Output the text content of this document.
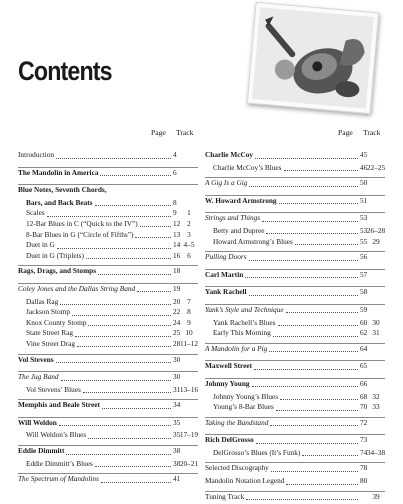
Contents
Page Track	Page Track
Introduction	4
The Mandolin in America	6
Blue Notes, Seventh Chords,
Bars, and Back Beats	8
Scales	9	1
12-Bar Blues in C (“Quick to the IV”)	12 2
8-Bar Blues in G (“Circle of Fifths”)	13 3
Duet in G	14 4–5
Duet in G (Triplets)	16 6
Rags, Drags, and Stomps	18
Coley Jones and the Dallas String Band	19
Dallas Rag	20 7
Jackson Stomp	22 8
Knox County Stomp	24 9
State Street Rag	25 10
Vine Street Drag	28 11–12
Vol Stevens	30
The Jug Band	30
Vol Stevens’ Blues	31 13–16
Memphis and Beale Street	34
Will Weldon	35
Will Weldon’s Blues	35 17–19
Eddie Dimmitt	38
Eddie Dimmitt’s Blues	38 20–21
The Spectrum of Mandolins	41
Charlie McCoy	45
Charlie McCoy’s Blues	46 22–25
A Gig Is a Gig	50
W. Howard Armstrong	51
Strings and Things	53
Betty and Dupree	53 26–28
Howard Armstrong’s Blues	55 29
Pulling Doors	56
Carl Martin	57
Yank Rachell	58
Yank’s Style and Technique	59
Yank Rachell’s Blues	60 30
Early This Morning	62 31
A Mandolin for a Pig	64
Maxwell Street	65
Johnny Young	66
Johnny Young’s Blues	68 32
Young’s 8-Bar Blues	70 33
Taking the Bandstand	72
Rich DelGrosso	73
DelGrosso’s Blues (It’s Funk)	74 34–38
Selected Discography	78
Mandolin Notation Legend	80
Tuning Track	39
